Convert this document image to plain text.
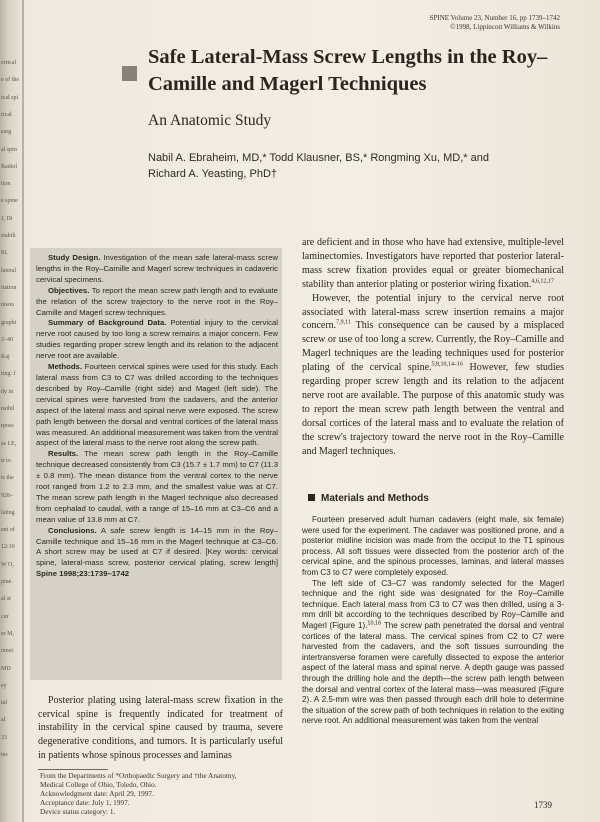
ertical
e of the
ical spi
rical
surg
al spin
Radiol
tion
e spine
J, Di
stabili
81.
lateral
itation
nisou
graphi
2–40
Kaj
ting: f
dy in
nsibil
rposs
as LE,
ir to
ts the
928–
lating
ent of
12:10
W O,
pine.
al st
cur
er M,
omet
MD
ey
tal
al
33
tes
SPINE Volume 23, Number 16, pp 1739–1742
©1998, Lippincott Williams & Wilkins
Safe Lateral-Mass Screw Lengths in the Roy–Camille and Magerl Techniques
An Anatomic Study
Nabil A. Ebraheim, MD,* Todd Klausner, BS,* Rongming Xu, MD,* and
Richard A. Yeasting, PhD†

Study Design. Investigation of the mean safe lateral-mass screw lengths in the Roy–Camille and Magerl screw techniques in cadaveric cervical specimens.

Objectives. To report the mean screw path length and to evaluate the relation of the screw trajectory to the nerve root in the Roy–Camille and Magerl screw techniques.

Summary of Background Data. Potential injury to the cervical nerve root caused by too long a screw remains a major concern. Few studies regarding proper screw length and its relation to the adjacent nerve root are available.

Methods. Fourteen cervical spines were used for this study. Each lateral mass from C3 to C7 was drilled according to the techniques described by Roy–Camille (right side) and Magerl (left side). The cervical spines were harvested from the cadavers, and the anterior aspect of the lateral mass and spinal nerve were exposed. The screw path length between the dorsal and ventral cortices of the lateral mass was measured. An additional measurement was taken from the ventral aspect of the lateral mass to the nerve root along the screw path.

Results. The mean screw path length in the Roy–Camille technique decreased consistently from C3 (15.7 ± 1.7 mm) to C7 (11.3 ± 0.8 mm). The mean distance from the ventral cortex to the nerve root ranged from 1.2 to 2.3 mm, and the smallest value was at C7. The mean screw path length in the Magerl technique also decreased from cephalad to caudal, with a range of 15–16 mm at C3–C6 and a mean value of 13.8 mm at C7.

Conclusions. A safe screw length is 14–15 mm in the Roy–Camille technique and 15–16 mm in the Magerl technique at C3–C6. A short screw may be used at C7 if desired. [Key words: cervical spine, lateral-mass screw, posterior cervical plating, screw length] Spine 1998;23:1739–1742

Posterior plating using lateral-mass screw fixation in the cervical spine is frequently indicated for treatment of instability in the cervical spine caused by trauma, severe degenerative conditions, and tumors. It is particularly useful in patients whose spinous processes and laminas

From the Departments of *Orthopaedic Surgery and †the Anatomy,
Medical College of Ohio, Toledo, Ohio.
Acknowledgment date: April 29, 1997.
Acceptance date: July 1, 1997.
Device status category: 1.

are deficient and in those who have had extensive, multiple-level laminectomies. Investigators have reported that posterior lateral-mass screw fixation provides equal or greater biomechanical stability than anterior plating or posterior wiring fixation.$^{4,6,12,17}$

However, the potential injury to the cervical nerve root associated with lateral-mass screw insertion remains a major concern.$^{7,9,11}$ This consequence can be caused by a misplaced screw or use of too long a screw. Currently, the Roy–Camille and Magerl techniques are the leading techniques used for posterior plating of the cervical spine.$^{5,8,10,14-16}$ However, few studies regarding proper screw length and its relation to the adjacent nerve root are available. The purpose of this anatomic study was to report the mean screw path length between the ventral and dorsal cortices of the lateral mass and to evaluate the relation of the screw's trajectory toward the nerve root in the Roy–Camille and Magerl techniques.

Materials and Methods

Fourteen preserved adult human cadavers (eight male, six female) were used for the experiment. The cadaver was positioned prone, and a posterior midline incision was made from the occiput to the T1 spinous process. All soft tissues were dissected from the posterior arch of the cervical spine, and the spinous processes, laminas, and lateral masses from C3 to C7 were completely exposed.

The left side of C3–C7 was randomly selected for the Magerl technique and the right side was designated for the Roy–Camille technique. Each lateral mass from C3 to C7 was then drilled, using a 3-mm drill bit according to the techniques described by Roy–Camille and Magerl (Figure 1).$^{10,16}$ The screw path penetrated the dorsal and ventral cortices of the lateral mass. The cervical spines from C2 to C7 were harvested from the cadavers, and the soft tissues surrounding the intertransverse foramen were carefully dissected to expose the anterior aspect of the lateral mass and spinal nerve. A depth gauge was passed through the drilling hole and the depth—the screw path length between the dorsal and ventral cortex of the lateral mass—was measured (Figure 2). A 2.5-mm wire was then passed through each drill hole to determine the situation of the screw path of both techniques in relation to the exiting nerve root. An additional measurement was taken from the ventral

1739
